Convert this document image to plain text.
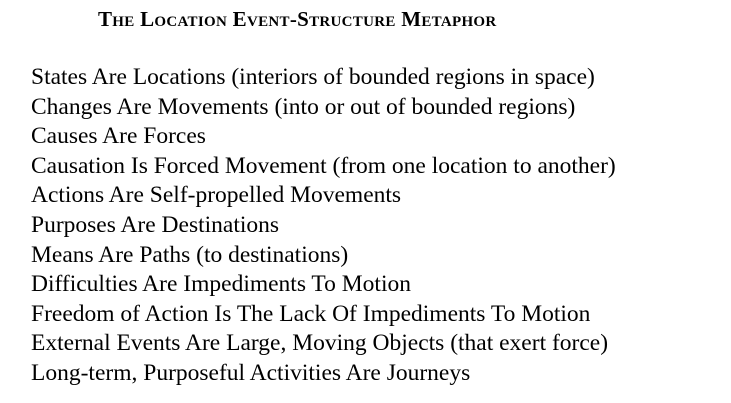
The Location Event-Structure Metaphor
States Are Locations (interiors of bounded regions in space)
Changes Are Movements (into or out of bounded regions)
Causes Are Forces
Causation Is Forced Movement (from one location to another)
Actions Are Self-propelled Movements
Purposes Are Destinations
Means Are Paths (to destinations)
Difficulties Are Impediments To Motion
Freedom of Action Is The Lack Of Impediments To Motion
External Events Are Large, Moving Objects (that exert force)
Long-term, Purposeful Activities Are Journeys
